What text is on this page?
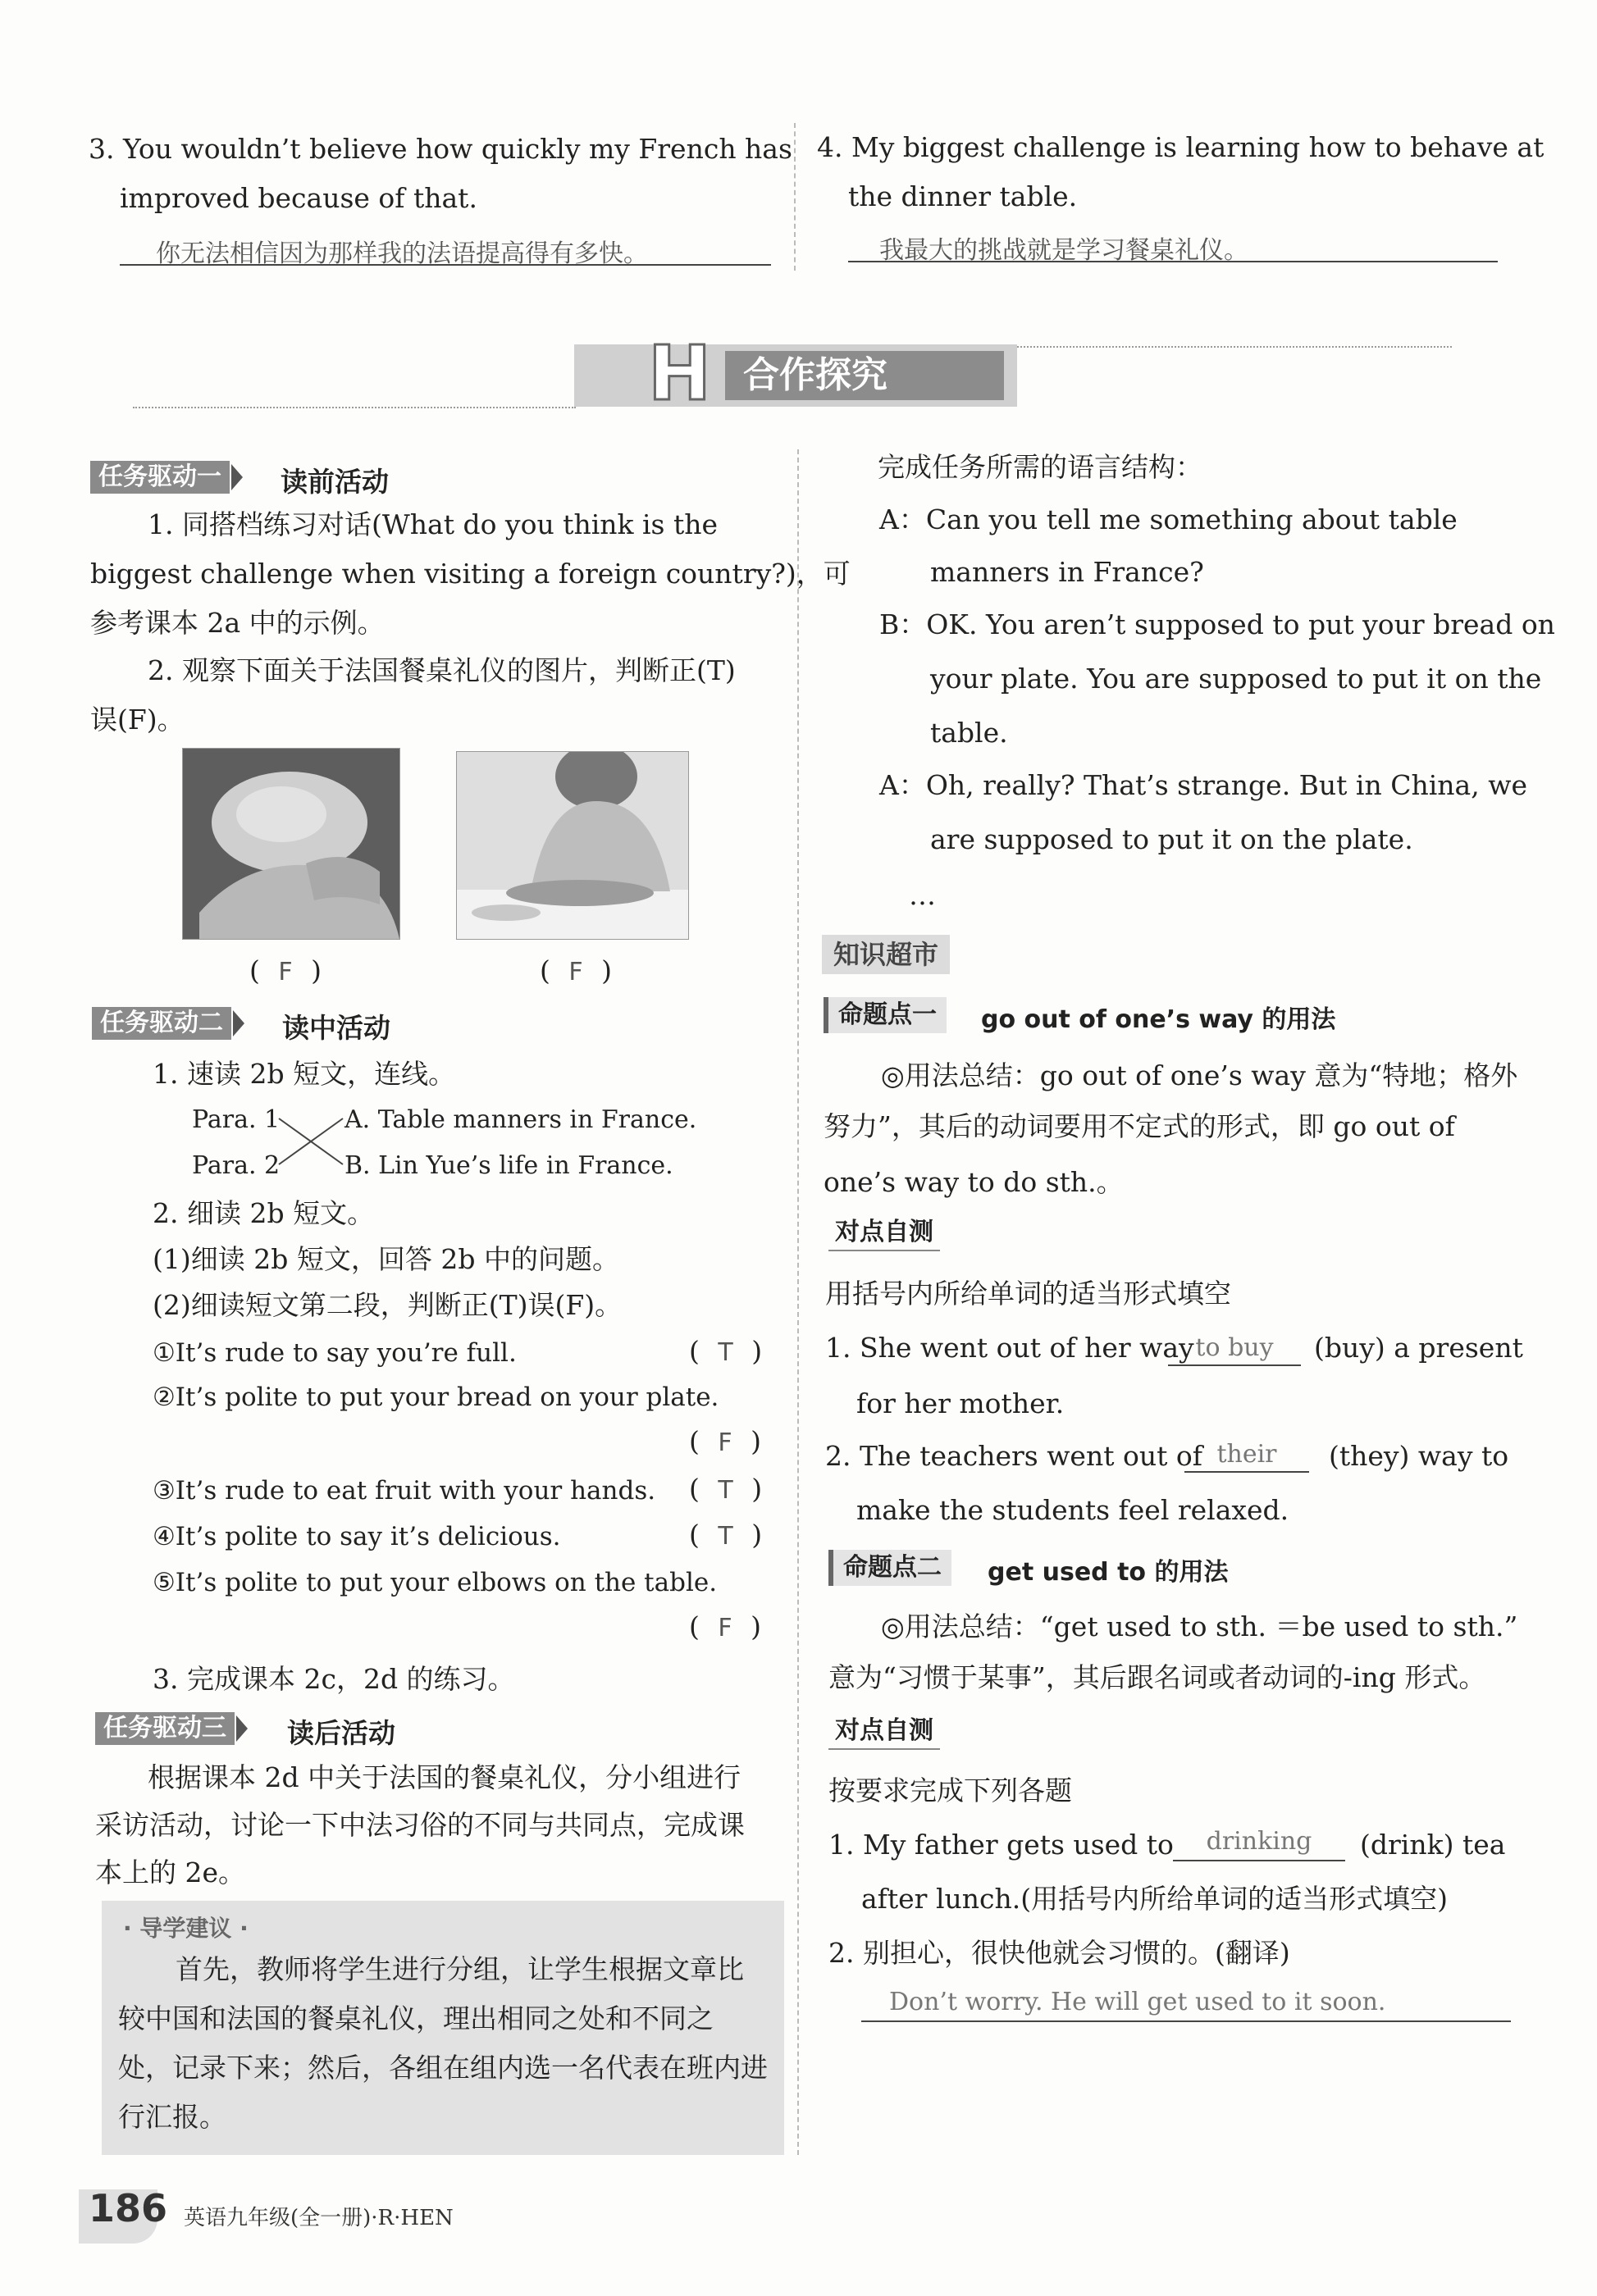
3. You wouldn’t believe how quickly my French has
improved because of that.
你无法相信因为那样我的法语提高得有多快。
4. My biggest challenge is learning how to behave at
the dinner table.
我最大的挑战就是学习餐桌礼仪。
H 合作探究
任务驱动一	读前活动
1. 同搭档练习对话(What do you think is the
biggest challenge when visiting a foreign country?)，可
参考课本 2a 中的示例。
2. 观察下面关于法国餐桌礼仪的图片，判断正(T)
误(F)。
( F )	( F )
任务驱动二	读中活动
1. 速读 2b 短文，连线。
Para. 1
Para. 2
A. Table manners in France.
B. Lin Yue’s life in France.
2. 细读 2b 短文。
(1)细读 2b 短文，回答 2b 中的问题。
(2)细读短文第二段，判断正(T)误(F)。
①It’s rude to say you’re full.	( T )
②It’s polite to put your bread on your plate.
( F )
③It’s rude to eat fruit with your hands. ( T )
④It’s polite to say it’s delicious.	( T )
⑤It’s polite to put your elbows on the table.
( F )
3. 完成课本 2c，2d 的练习。
任务驱动三	读后活动
根据课本 2d 中关于法国的餐桌礼仪，分小组进行
采访活动，讨论一下中法习俗的不同与共同点，完成课
本上的 2e。
· 导学建议 ·
首先，教师将学生进行分组，让学生根据文章比
较中国和法国的餐桌礼仪，理出相同之处和不同之
处，记录下来；然后，各组在组内选一名代表在班内进
行汇报。
完成任务所需的语言结构：
A：Can you tell me something about table
manners in France?
B：OK. You aren’t supposed to put your bread on
your plate. You are supposed to put it on the
table.
A：Oh, really? That’s strange. But in China, we
are supposed to put it on the plate.
…
知识超市
命题点一	go out of one’s way 的用法
◎用法总结：go out of one’s way 意为“特地；格外
努力”，其后的动词要用不定式的形式，即 go out of
one’s way to do sth.。
对点自测
用括号内所给单词的适当形式填空
1. She went out of her way to buy	(buy) a present
for her mother.
2. The teachers went out of their	(they) way to
make the students feel relaxed.
命题点二	get used to 的用法
◎用法总结：“get used to sth. ＝be used to sth.”
意为“习惯于某事”，其后跟名词或者动词的-ing 形式。
对点自测
按要求完成下列各题
1. My father gets used to	drinking	(drink) tea
after lunch.(用括号内所给单词的适当形式填空)
2. 别担心，很快他就会习惯的。(翻译)
Don’t worry. He will get used to it soon.
186 英语九年级(全一册)·R·HEN
